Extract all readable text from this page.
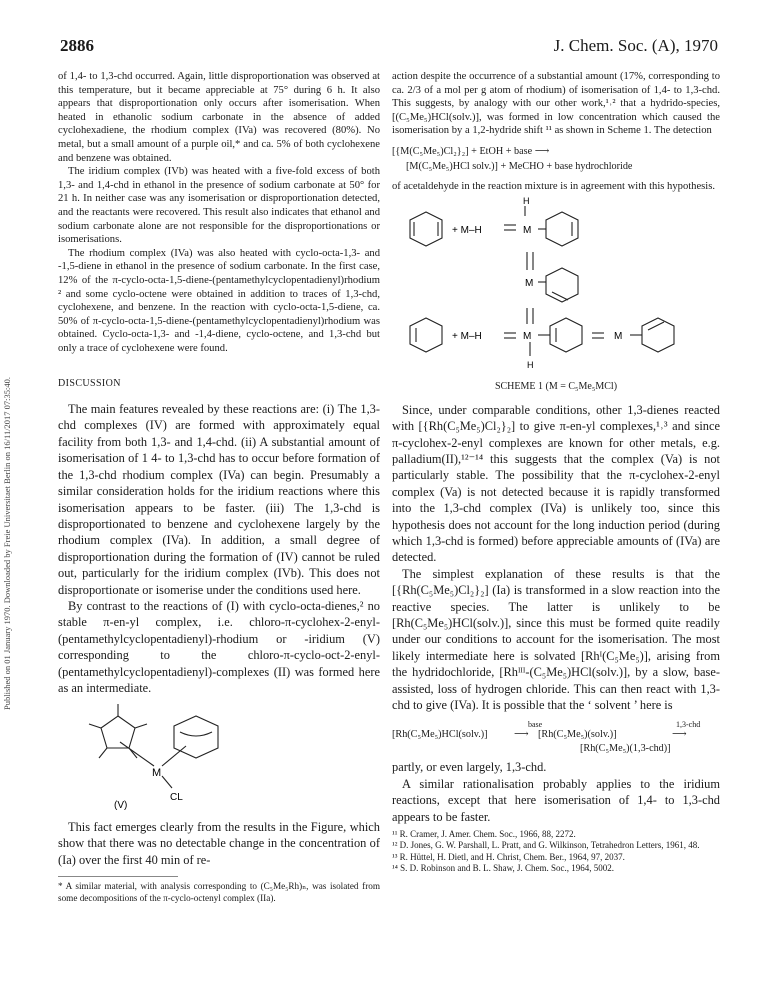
Published on 01 January 1970. Downloaded by Freie Universitaet Berlin on 16/11/2017 07:35:40.
2886	J. Chem. Soc. (A), 1970

of 1,4- to 1,3-chd occurred. Again, little disproportionation was observed at this temperature, but it became appreciable at 75° during 6 h. It also appears that disproportionation only occurs after isomerisation. When heated in ethanolic sodium carbonate in the absence of added cyclohexadiene, the rhodium complex (IVa) was recovered (80%). No metal, but a small amount of a purple oil,* and ca. 5% of both cyclohexene and benzene was obtained.

The iridium complex (IVb) was heated with a five-fold excess of both 1,3- and 1,4-chd in ethanol in the presence of sodium carbonate at 50° for 21 h. In neither case was any isomerisation or disproportionation detected, and the reactants were recovered. This result also indicates that ethanol and sodium carbonate alone are not responsible for the disproportionations or isomerisations.

The rhodium complex (IVa) was also heated with cyclo-octa-1,3- and -1,5-diene in ethanol in the presence of sodium carbonate. In the first case, 12% of the π-cyclo-octa-1,5-diene-(pentamethylcyclopentadienyl)rhodium ² and some cyclo-octene were obtained in addition to traces of 1,3-chd, cyclohexene, and benzene. In the reaction with cyclo-octa-1,5-diene, ca. 50% of π-cyclo-octa-1,5-diene-(pentamethylcyclopentadienyl)rhodium was obtained. Cyclo-octa-1,3- and -1,4-diene, cyclo-octene, and 1,3-chd but only a trace of cyclohexene were found.

DISCUSSION

The main features revealed by these reactions are: (i) The 1,3-chd complexes (IV) are formed with approximately equal facility from both 1,3- and 1,4-chd. (ii) A substantial amount of isomerisation of 1 4- to 1,3-chd has to occur before formation of the 1,3-chd rhodium complex (IVa) can begin. Presumably a similar consideration holds for the iridium reactions where this isomerisation appears to be faster. (iii) The 1,3-chd is disproportionated to benzene and cyclohexene largely by the rhodium complex (IVa). In addition, a small degree of disproportionation during the formation of (IV) cannot be ruled out, particularly for the iridium complex (IVb). This does not disproportionate or isomerise under the conditions used here.

By contrast to the reactions of (I) with cyclo-octa-dienes,² no stable π-en-yl complex, i.e. chloro-π-cyclohex-2-enyl-(pentamethylcyclopentadienyl)-rhodium or -iridium (V) corresponding to the chloro-π-cyclo-oct-2-enyl-(pentamethylcyclopentadienyl)-complexes (II) was formed here as an intermediate.

M
CL
(V)

This fact emerges clearly from the results in the Figure, which show that there was no detectable change in the concentration of (Ia) over the first 40 min of re-

* A similar material, with analysis corresponding to (C₅Me₅Rh)ₙ, was isolated from some decompositions of the π-cyclo-octenyl complex (IIa).

action despite the occurrence of a substantial amount (17%, corresponding to ca. 2/3 of a mol per g atom of rhodium) of isomerisation of 1,4- to 1,3-chd. This suggests, by analogy with our other work,¹˒² that a hydrido-species, [(C₅Me₅)HCl(solv.)], was formed in low concentration which caused the isomerisation by a 1,2-hydride shift ¹¹ as shown in Scheme 1. The detection

[{M(C₅Me₅)Cl₂}₂] + EtOH + base ⟶
[M(C₅Me₅)HCl solv.)] + MeCHO + base hydrochloride

of acetaldehyde in the reaction mixture is in agreement with this hypothesis.

H
+ M–H	M
M
+ M–H	M
H
M
SCHEME 1 (M = C₅Me₅MCl)

Since, under comparable conditions, other 1,3-dienes reacted with [{Rh(C₅Me₅)Cl₂}₂] to give π-en-yl complexes,¹˒³ and since π-cyclohex-2-enyl complexes are known for other metals, e.g. palladium(II),¹²⁻¹⁴ this suggests that the complex (Va) is not particularly stable. The possibility that the π-cyclohex-2-enyl complex (Va) is not detected because it is rapidly transformed into the 1,3-chd complex (IVa) is unlikely too, since this hypothesis does not account for the long induction period (during which 1,3-chd is formed) before appreciable amounts of (IVa) are detected.

The simplest explanation of these results is that the [{Rh(C₅Me₅)Cl₂}₂] (Ia) is transformed in a slow reaction into the reactive species. The latter is unlikely to be [Rh(C₅Me₅)HCl(solv.)], since this must be formed quite readily under our conditions to account for the isomerisation. The most likely intermediate here is solvated [Rhᴵ(C₅Me₅)], arising from the hydridochloride, [Rhᴵᴵᴵ-(C₅Me₅)HCl(solv.)], by a slow, base-assisted, loss of hydrogen chloride. This can then react with 1,3-chd to give (IVa). It is possible that the ‘ solvent ’ here is

[Rh(C₅Me₅)HCl(solv.)]
base
⟶ [Rh(C₅Me₅)(solv.)]
1,3-chd
⟶
[Rh(C₅Me₅)(1,3-chd)]

partly, or even largely, 1,3-chd.

A similar rationalisation probably applies to the iridium reactions, except that here isomerisation of 1,4- to 1,3-chd appears to be faster.

¹¹ R. Cramer, J. Amer. Chem. Soc., 1966, 88, 2272.
¹² D. Jones, G. W. Parshall, L. Pratt, and G. Wilkinson, Tetrahedron Letters, 1961, 48.
¹³ R. Hüttel, H. Dietl, and H. Christ, Chem. Ber., 1964, 97, 2037.
¹⁴ S. D. Robinson and B. L. Shaw, J. Chem. Soc., 1964, 5002.
